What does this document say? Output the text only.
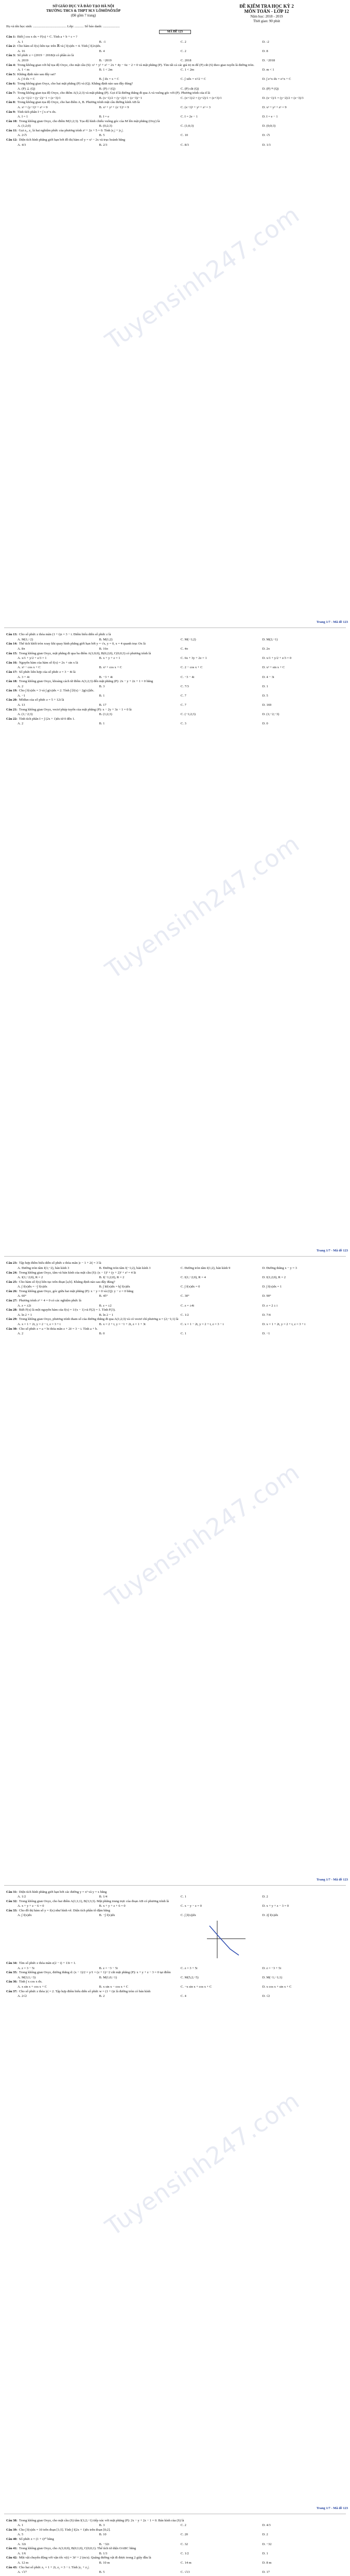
Tuyensinh247.com
SỞ GIÁO DỤC VÀ ĐÀO TẠO HÀ NỘI
TRƯỜNG THCS & THPT M.V LÔMÔNÔXỐP
(Đề gồm 7 trang)
ĐỀ KIỂM TRA HỌC KỲ 2
MÔN TOÁN - LỚP 12
Năm học: 2018 - 2019
Thời gian: 90 phút
Họ và tên học sinh: ........................................ Lớp: ........... Số báo danh: ....................
MÃ ĐỀ 123
Câu 1: Biết ∫ cos x dx = F(x) + C. Tính a + b + c = ?
A. 1	B. -1	C. 2	D. -2
Câu 2: Cho hàm số f(x) liên tục trên ℝ và ∫ f(x)dx = 4. Tính ∫ f(2x)dx.
A. 16	B. 4	C. 2	D. 8
Câu 3: Số phức z = (2019 − 2018i)i có phần ảo là
A. 2019	B. −2019	C. 2018	D. −2018
Câu 4: Trong không gian với hệ tọa độ Oxyz, cho mặt cầu (S): x² + y² + z² − 2x + 4y − 6z − 2 = 0 và mặt phẳng (P). Tìm tất cả các giá trị m để (P) cắt (S) theo giao tuyến là đường tròn.
A. 1 < m	B. 1 < 2m	C. 1 < 2m	D. m < 1
Câu 5: Khẳng định nào sau đây sai?
A. ∫ 0 dx = C	B. ∫ dx = x + C	C. ∫ xdx = x²/2 + C	D. ∫ e^x dx = e^x + C
Câu 6: Trong không gian Oxyz, cho hai mặt phẳng (P) và (Q). Khẳng định nào sau đây đúng?
A. (P) ⊥ (Q)	B. (P) // (Q)	C. (P) cắt (Q)	D. (P) ≡ (Q)
Câu 7: Trong không gian tọa độ Oxyz, cho điểm A(1;2;3) và mặt phẳng (P). Gọi d là đường thẳng đi qua A và vuông góc với (P). Phương trình của d là
A. (x−1)/2 = (y−2)/−1 = (z−3)/1	B. (x−1)/2 = (y−2)/1 = (z−3)/−1	C. (x+1)/2 = (y+2)/1 = (z+3)/1	D. (x−1)/1 = (y−2)/2 = (z−3)/3
Câu 8: Trong không gian tọa độ Oxyz, cho hai điểm A, B. Phương trình mặt cầu đường kính AB là
A. x² + (y−1)² + z² = 9	B. x² + y² + (z−1)² = 9	C. (x−1)² + y² + z² = 3	D. x² + y² + z² = 9
Câu 9: Tính tích phân I = ∫ x e^x dx.
A. I = 1	B. I = e	C. I = 2e − 1	D. I = e − 1
Câu 10: Trong không gian Oxyz, cho điểm M(1;2;3). Tọa độ hình chiếu vuông góc của M lên mặt phẳng (Oxy) là
A. (1;2;0)	B. (0;2;3)	C. (1;0;3)	D. (0;0;3)
Câu 11: Gọi z₁, z₂ là hai nghiệm phức của phương trình z² + 2z + 5 = 0. Tính |z₁| + |z₂|.
A. 2√5	B. 5	C. 10	D. √5
Câu 12: Diện tích hình phẳng giới hạn bởi đồ thị hàm số y = x² − 2x và trục hoành bằng
A. 4/3	B. 2/3	C. 8/3	D. 1/3
Trang 1/7 - Mã đề 123
Tuyensinh247.com
Câu 13: Cho số phức z thỏa mãn (1 + i)z = 3 − i. Điểm biểu diễn số phức z là
A. M(1;−2)	B. M(1;2)	C. M(−1;2)	D. M(2;−1)
Câu 14: Thể tích khối tròn xoay khi quay hình phẳng giới hạn bởi y = √x, y = 0, x = 4 quanh trục Ox là
A. 8π	B. 16π	C. 4π	D. 2π
Câu 15: Trong không gian Oxyz, mặt phẳng đi qua ba điểm A(1;0;0), B(0;2;0), C(0;0;3) có phương trình là
A. x/1 + y/2 + z/3 = 1	B. x + y + z = 1	C. 6x + 3y + 2z = 1	D. x/1 + y/2 + z/3 = 0
Câu 16: Nguyên hàm của hàm số f(x) = 2x + sin x là
A. x² − cos x + C	B. x² + cos x + C	C. 2 − cos x + C	D. x² + sin x + C
Câu 17: Số phức liên hợp của số phức z = 3 − 4i là
A. 3 + 4i	B. −3 + 4i	C. −3 − 4i	D. 4 − 3i
Câu 18: Trong không gian Oxyz, khoảng cách từ điểm A(1;2;3) đến mặt phẳng (P): 2x − y + 2z + 1 = 0 bằng
A. 2	B. 3	C. 7/3	D. 1
Câu 19: Cho ∫ f(x)dx = 3 và ∫ g(x)dx = 2. Tính ∫ [f(x) − 2g(x)]dx.
A. −1	B. 1	C. 7	D. 5
Câu 20: Môđun của số phức z = 5 + 12i là
A. 13	B. 17	C. 7	D. 169
Câu 21: Trong không gian Oxyz, vectơ pháp tuyến của mặt phẳng (P): x − 2y + 3z − 1 = 0 là
A. (1;−2;3)	B. (1;2;3)	C. (−1;2;3)	D. (1;−2;−3)
Câu 22: Tính tích phân I = ∫ (2x + 1)dx từ 0 đến 1.
A. 2	B. 1	C. 3	D. 0
Trang 1/7 - Mã đề 123
Tuyensinh247.com
Câu 23: Tập hợp điểm biểu diễn số phức z thỏa mãn |z − 1 + 2i| = 3 là
A. Đường tròn tâm I(1;−2), bán kính 3	B. Đường tròn tâm I(−1;2), bán kính 3	C. Đường tròn tâm I(1;2), bán kính 9	D. Đường thẳng x − y = 3
Câu 24: Trong không gian Oxyz, tâm và bán kính của mặt cầu (S): (x − 1)² + (y + 2)² + z² = 4 là
A. I(1;−2;0), R = 2	B. I(−1;2;0), R = 2	C. I(1;−2;0), R = 4	D. I(1;2;0), R = 2
Câu 25: Cho hàm số f(x) liên tục trên đoạn [a;b]. Khẳng định nào sau đây đúng?
A. ∫ f(x)dx = −∫ f(x)dx	B. ∫ kf(x)dx = k∫ f(x)dx	C. ∫ f(x)dx = 0	D. ∫ f(x)dx = 1
Câu 26: Trong không gian Oxyz, góc giữa hai mặt phẳng (P): x − y = 0 và (Q): y − z = 0 bằng
A. 60°	B. 45°	C. 30°	D. 90°
Câu 27: Phương trình z² + 4 = 0 có các nghiệm phức là
A. z = ±2i	B. z = ±2	C. z = ±4i	D. z = 2 ± i
Câu 28: Biết F(x) là một nguyên hàm của f(x) = 1/(x − 1) và F(2) = 1. Tính F(3).
A. ln 2 + 1	B. ln 2 − 1	C. 1/2	D. 7/4
Câu 29: Trong không gian Oxyz, phương trình tham số của đường thẳng đi qua A(1;2;3) và có vectơ chỉ phương u = (2;−1;1) là
A. x = 1 + 2t, y = 2 − t, z = 3 + t	B. x = 2 + t, y = −1 + 2t, z = 1 + 3t	C. x = 1 − 2t, y = 2 + t, z = 3 − t	D. x = 1 + 2t, y = 2 + t, z = 3 + t
Câu 30: Cho số phức z = a + bi thỏa mãn z + 2z̄ = 3 − i. Tính a + b.
A. 2	B. 0	C. 1	D. −1
Trang 1/7 - Mã đề 123
Tuyensinh247.com
Câu 31: Diện tích hình phẳng giới hạn bởi các đường y = x³ và y = x bằng
A. 1/2	B. 1/4	C. 1	D. 2
Câu 32: Trong không gian Oxyz, cho hai điểm A(1;1;1), B(3;3;3). Mặt phẳng trung trực của đoạn AB có phương trình là
A. x + y + z − 6 = 0	B. x + y + z + 6 = 0	C. x − y − z = 0	D. x + y + z − 3 = 0
Câu 33: Cho đồ thị hàm số y = f(x) như hình vẽ. Diện tích phần tô đậm bằng
A. ∫ f(x)dx	B. −∫ f(x)dx	C. ∫ |f(x)|dx	D. 2∫ f(x)dx
Câu 34: Tìm số phức z thỏa mãn z(2 − i) + 13i = 1.
A. z = 3 − 5i	B. z = −3 − 5i	C. z = 3 + 5i	D. z = −3 + 5i
Câu 35: Trong không gian Oxyz, đường thẳng d: (x − 1)/2 = y/1 = (z + 1)/−2 cắt mặt phẳng (P): x + y + z − 3 = 0 tại điểm
A. M(3;1;−3)	B. M(1;0;−1)	C. M(5;2;−5)	D. M(−1;−1;1)
Câu 36: Tính ∫ x cos x dx.
A. x sin x + cos x + C	B. x sin x − cos x + C	C. −x sin x + cos x + C	D. x cos x + sin x + C
Câu 37: Cho số phức z thỏa |z| = 2. Tập hợp điểm biểu diễn số phức w = (1 + i)z là đường tròn có bán kính
A. 2√2	B. 2	C. 4	D. √2
Trang 1/7 - Mã đề 123
Câu 38: Trong không gian Oxyz, cho mặt cầu (S) tâm I(1;2;−1) tiếp xúc với mặt phẳng (P): 2x − y + 2z − 1 = 0. Bán kính của (S) là
A. 1	B. 3	C. 2	D. 4/3
Câu 39: Cho ∫ f(x)dx = 10 trên đoạn [1;5]. Tính ∫ f(2x + 1)dx trên đoạn [0;2].
A. 5	B. 10	C. 20	D. 2
Câu 40: Số phức z = (1 + i)¹⁰ bằng
A. 32i	B. −32i	C. 32	D. −32
Câu 41: Trong không gian Oxyz, cho A(1;0;0), B(0;1;0), C(0;0;1). Thể tích tứ diện OABC bằng
A. 1/6	B. 1/3	C. 1/2	D. 1
Câu 42: Một vật chuyển động với vận tốc v(t) = 3t² + 2 (m/s). Quãng đường vật đi được trong 2 giây đầu là
A. 12 m	B. 10 m	C. 14 m	D. 8 m
Câu 43: Cho hai số phức z₁ = 1 + 2i, z₂ = 3 − i. Tính |z₁ + z₂|.
A. √17	B. 5	C. √13	D. 17
